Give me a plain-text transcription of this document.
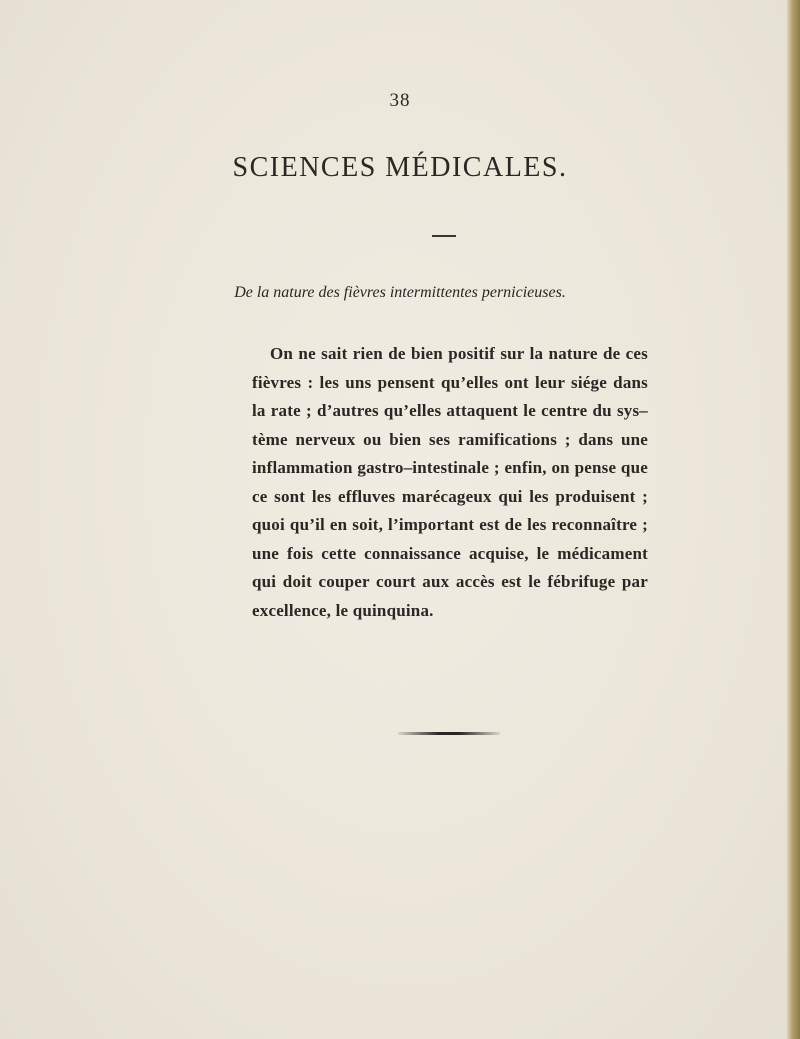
38
SCIENCES MÉDICALES.
De la nature des fièvres intermittentes pernicieuses.
On ne sait rien de bien positif sur la nature de ces
fièvres : les uns pensent qu’elles ont leur siége dans
la rate ; d’autres qu’elles attaquent le centre du sys–
tème nerveux ou bien ses ramifications ; dans une
inflammation gastro–intestinale ; enfin, on pense que
ce sont les effluves marécageux qui les produisent ;
quoi qu’il en soit, l’important est de les reconnaître ;
une fois cette connaissance acquise, le médicament
qui doit couper court aux accès est le fébrifuge par
excellence, le quinquina.
